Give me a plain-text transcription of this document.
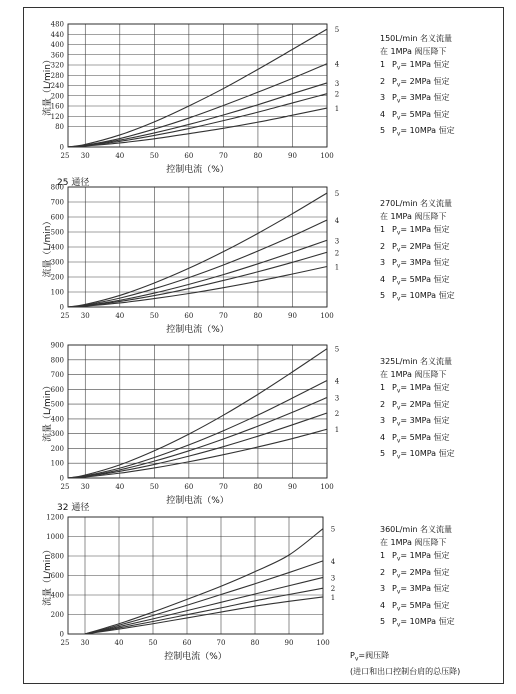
0
80
120
160
200
240
280
320
360
400
440
480
25 30	40	50	60	70	80	90	100
1
2
3
4
5
控制电流（%）
流量（L/min）
0
100
200
300
400
500
600
700
800
25 30	40	50	60	70	80	90	100
1
2
3
4
5
控制电流（%）
流量（L/min）
0
100
200
300
400
500
600
700
800
900
25 30	40	50	60	70	80	90	100
1
2
3
4
5
控制电流（%）
流量（L/min）
0
200
400
600
800
1000
1200
25 30	40	50	60	70	80	90	100
1
2
3
4
5
控制电流（%）
流量（L/min）
25 通径
32 通径
150L/min 名义流量
在 1MPa 阀压降下
$1P_v= 1MPa$ 恒定
$2P_v= 2MPa$ 恒定
$3P_v= 3MPa$ 恒定
$4P_v= 5MPa$ 恒定
$5P_v= 10MPa$ 恒定
270L/min 名义流量
在 1MPa 阀压降下
$1P_v= 1MPa$ 恒定
$2P_v= 2MPa$ 恒定
$3P_v= 3MPa$ 恒定
$4P_v= 5MPa$ 恒定
$5P_v= 10MPa$ 恒定
325L/min 名义流量
在 1MPa 阀压降下
$1P_v= 1MPa$ 恒定
$2P_v= 2MPa$ 恒定
$3P_v= 3MPa$ 恒定
$4P_v= 5MPa$ 恒定
$5P_v= 10MPa$ 恒定
360L/min 名义流量
在 1MPa 阀压降下
$1P_v= 1MPa$ 恒定
$2P_v= 2MPa$ 恒定
$3P_v= 3MPa$ 恒定
$4P_v= 5MPa$ 恒定
$5P_v= 10MPa$ 恒定
$P_v=$阀压降
(进口和出口控制台肩的总压降)
